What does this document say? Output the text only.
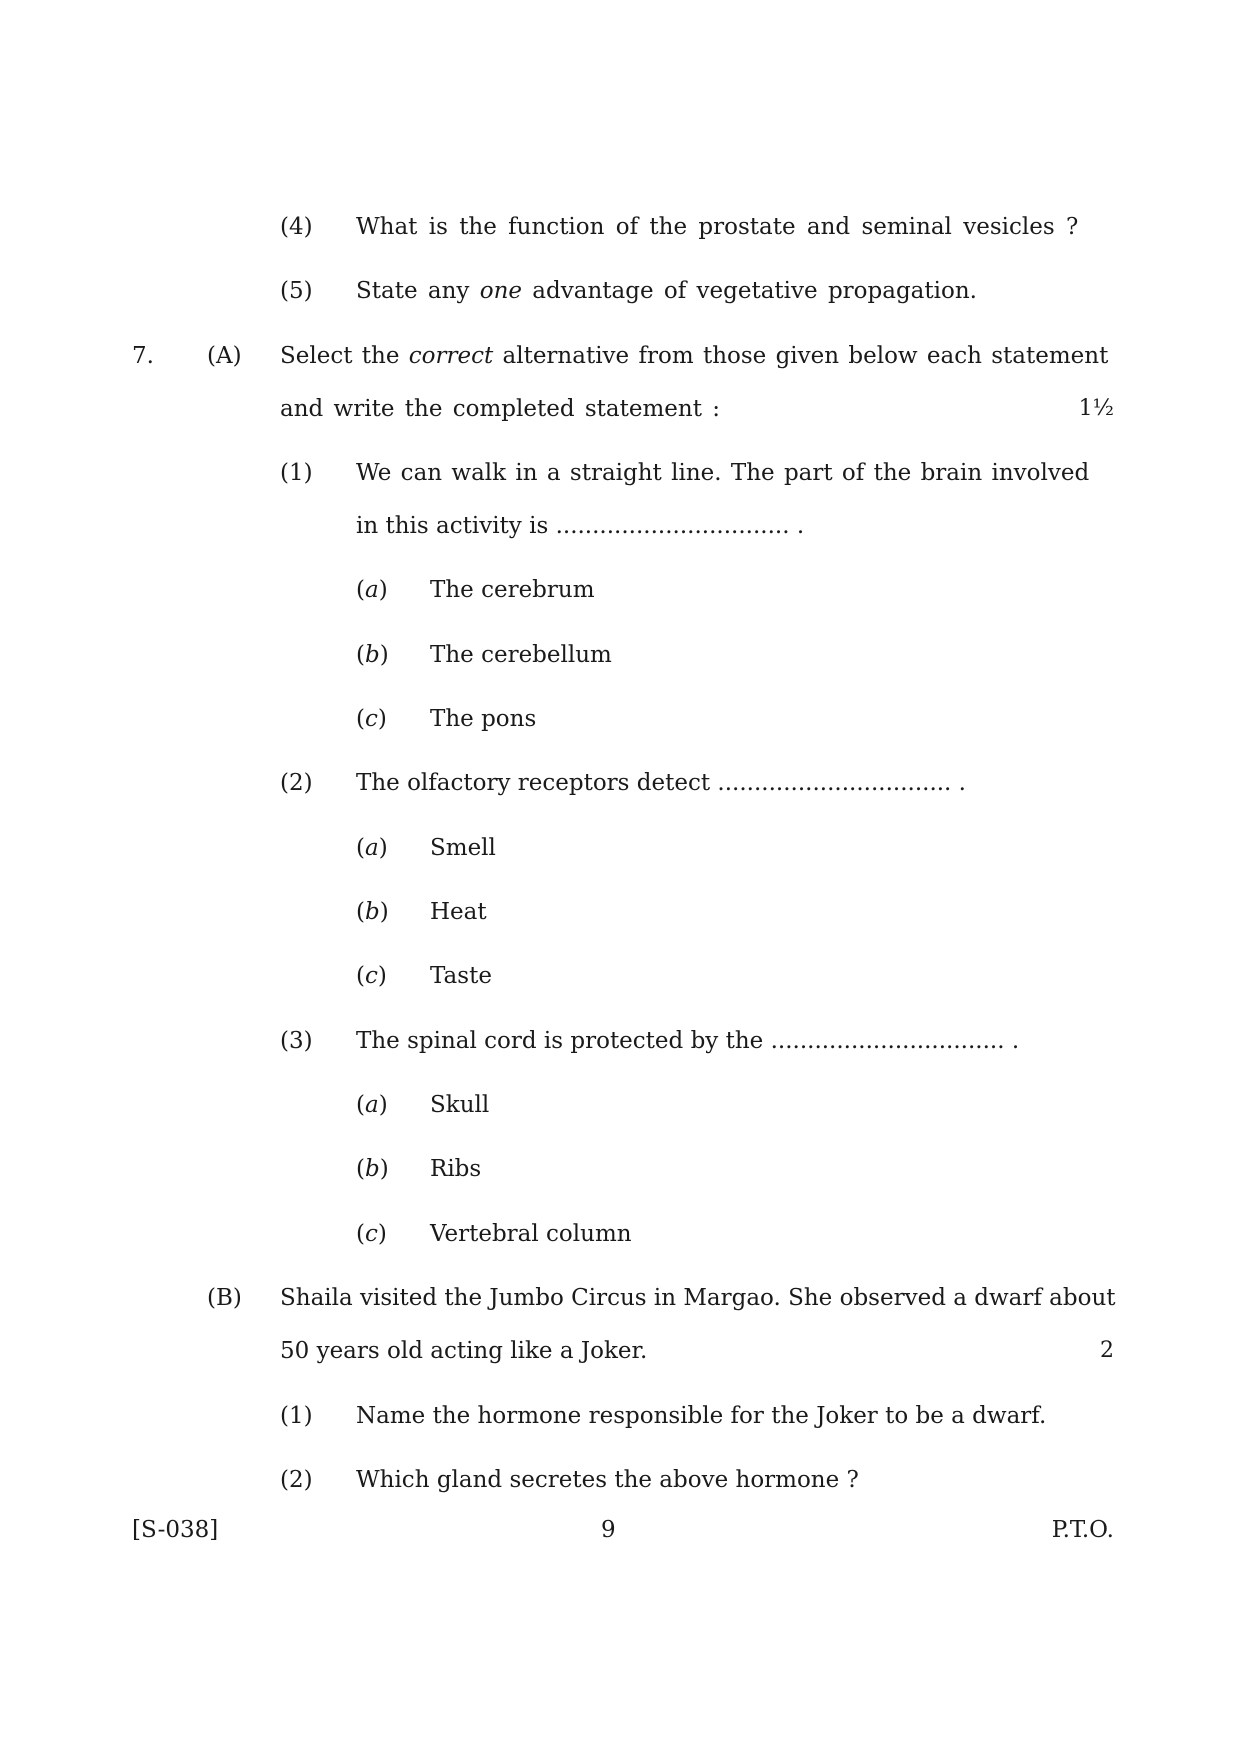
(4) What is the function of the prostate and seminal vesicles ?
(5) State any one advantage of vegetative propagation.
7. (A) Select the correct alternative from those given below each statement
and write the completed statement :	1½
(1) We can walk in a straight line. The part of the brain involved
in this activity is ................................ .
(a) The cerebrum
(b) The cerebellum
(c) The pons
(2) The olfactory receptors detect ................................ .
(a) Smell
(b) Heat
(c) Taste
(3) The spinal cord is protected by the ................................ .
(a) Skull
(b) Ribs
(c) Vertebral column
(B) Shaila visited the Jumbo Circus in Margao. She observed a dwarf about
50 years old acting like a Joker.	2
(1) Name the hormone responsible for the Joker to be a dwarf.
(2) Which gland secretes the above hormone ?
[S-038]	9	P.T.O.
